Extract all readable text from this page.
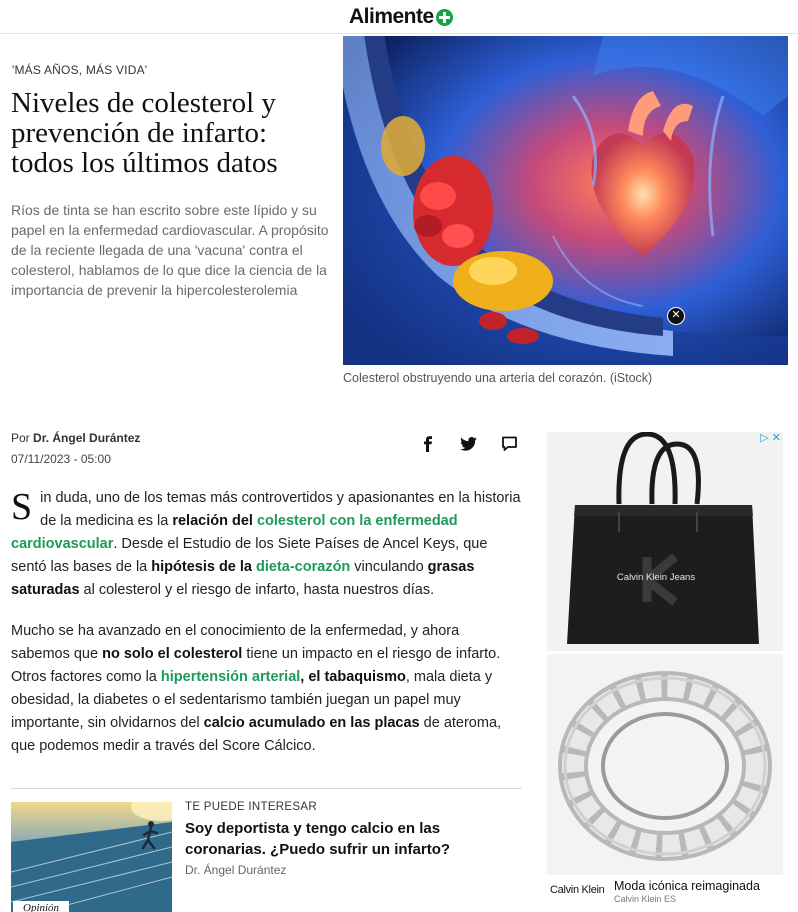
Alimente
'MÁS AÑOS, MÁS VIDA'
Niveles de colesterol y prevención de infarto: todos los últimos datos

Ríos de tinta se han escrito sobre este lípido y su papel en la enfermedad cardiovascular. A propósito de la reciente llegada de una 'vacuna' contra el colesterol, hablamos de lo que dice la ciencia de la importancia de prevenir la hipercolesterolemia

✕
Colesterol obstruyendo una arteria del corazón. (iStock)
Por Dr. Ángel Durántez
07/11/2023 - 05:00
Sin duda, uno de los temas más controvertidos y apasionantes en la historia de la medicina es la relación del colesterol con la enfermedad cardiovascular. Desde el Estudio de los Siete Países de Ancel Keys, que sentó las bases de la hipótesis de la dieta-corazón vinculando grasas saturadas al colesterol y el riesgo de infarto, hasta nuestros días.
Mucho se ha avanzado en el conocimiento de la enfermedad, y ahora sabemos que no solo el colesterol tiene un impacto en el riesgo de infarto. Otros factores como la hipertensión arterial, el tabaquismo, mala dieta y obesidad, la diabetes o el sedentarismo también juegan un papel muy importante, sin olvidarnos del calcio acumulado en las placas de ateroma, que podemos medir a través del Score Cálcico.
Opinión
TE PUEDE INTERESAR
Soy deportista y tengo calcio en las coronarias. ¿Puedo sufrir un infarto?
Dr. Ángel Durántez
Calvin Klein Jeans
▷ ✕
Calvin Klein Moda icónica reimaginada
Calvin Klein ES
